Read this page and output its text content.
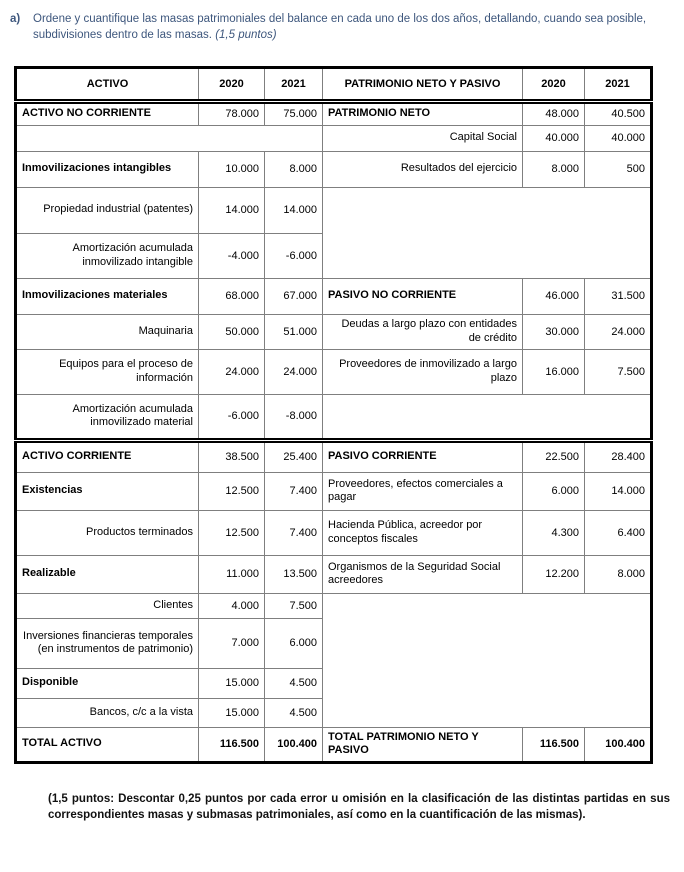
a)	Ordene y cuantifique las masas patrimoniales del balance en cada uno de los dos años, detallando, cuando sea posible, subdivisiones dentro de las masas. (1,5 puntos)
ACTIVO	2020	2021	PATRIMONIO NETO Y PASIVO	2020	2021
ACTIVO NO CORRIENTE	78.000	75.000	PATRIMONIO NETO	48.000	40.500
			Capital Social	40.000	40.000
Inmovilizaciones intangibles	10.000	8.000	Resultados del ejercicio	8.000	500
Propiedad industrial (patentes)	14.000	14.000			
Amortización acumulada inmovilizado intangible	-4.000	-6.000			
Inmovilizaciones materiales	68.000	67.000	PASIVO NO CORRIENTE	46.000	31.500
Maquinaria	50.000	51.000	Deudas a largo plazo con entidades de crédito	30.000	24.000
Equipos para el proceso de información	24.000	24.000	Proveedores de inmovilizado a largo plazo	16.000	7.500
Amortización acumulada inmovilizado material	-6.000	-8.000			
ACTIVO CORRIENTE	38.500	25.400	PASIVO CORRIENTE	22.500	28.400
Existencias	12.500	7.400	Proveedores, efectos comerciales a pagar	6.000	14.000
Productos terminados	12.500	7.400	Hacienda Pública, acreedor por conceptos fiscales	4.300	6.400
Realizable	11.000	13.500	Organismos de la Seguridad Social acreedores	12.200	8.000
Clientes	4.000	7.500			
Inversiones financieras temporales (en instrumentos de patrimonio)	7.000	6.000			
Disponible	15.000	4.500			
Bancos, c/c a la vista	15.000	4.500			
TOTAL ACTIVO	116.500	100.400	TOTAL PATRIMONIO NETO Y PASIVO	116.500	100.400

(1,5 puntos: Descontar 0,25 puntos por cada error u omisión en la clasificación de las distintas partidas en sus correspondientes masas y submasas patrimoniales, así como en la cuantificación de las mismas).
